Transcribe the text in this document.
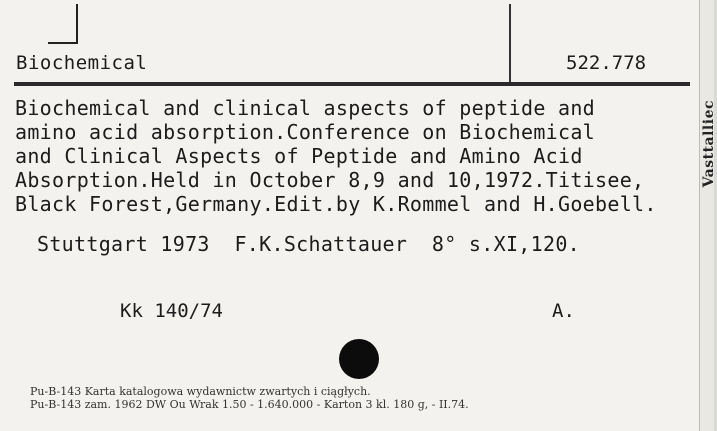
Biochemical	522.778
Biochemical and clinical aspects of peptide and
amino acid absorption.Conference on Biochemical
and Clinical Aspects of Peptide and Amino Acid
Absorption.Held in October 8,9 and 10,1972.Titisee,
Black Forest,Germany.Edit.by K.Rommel and H.Goebell.
Stuttgart 1973  F.K.Schattauer  8° s.XI,120.
Kk 140/74	A.
Pu-B-143 Karta katalogowa wydawnictw zwartych i ciągłych.
Pu-B-143 zam. 1962 DW Ou Wrak 1.50 - 1.640.000 - Karton 3 kl. 180 g, - II.74.
Vasttalliec
